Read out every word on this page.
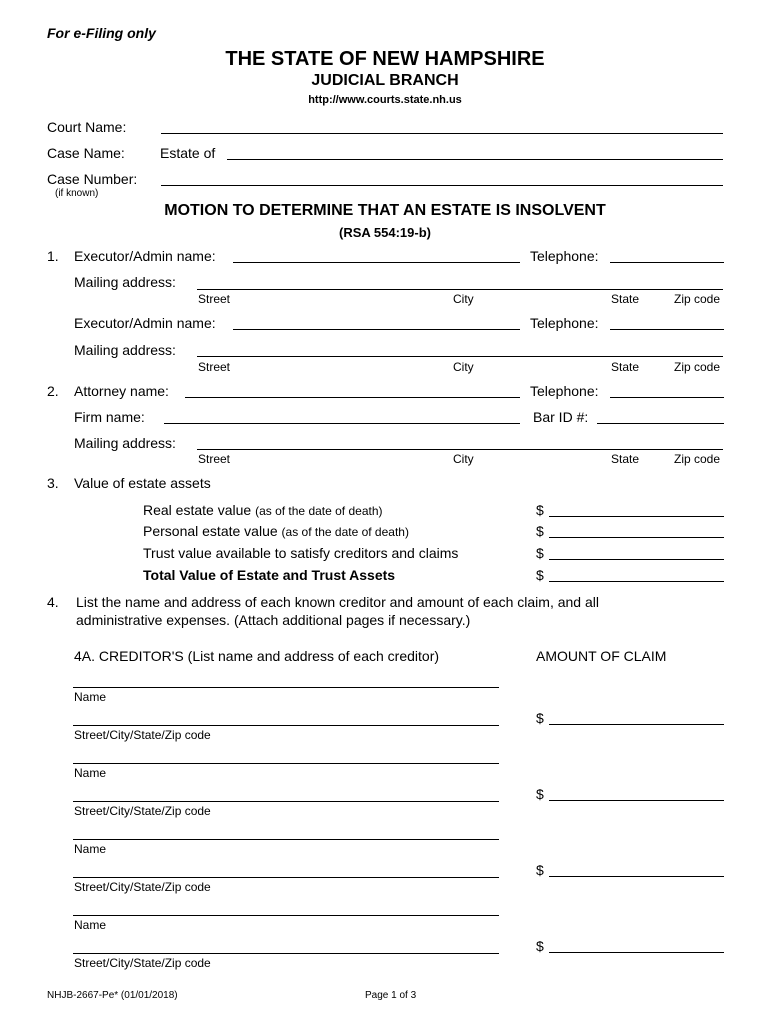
For e-Filing only
THE STATE OF NEW HAMPSHIRE
JUDICIAL BRANCH
http://www.courts.state.nh.us
Court Name:
Case Name:	Estate of
Case Number:
(if known)
MOTION TO DETERMINE THAT AN ESTATE IS INSOLVENT
(RSA 554:19-b)
1. Executor/Admin name:	Telephone:
Mailing address:
Street	City	State	Zip code
Executor/Admin name:	Telephone:
Mailing address:
Street	City	State	Zip code
2. Attorney name:	Telephone:
Firm name:	Bar ID #:
Mailing address:
Street	City	State	Zip code
3. Value of estate assets
Real estate value (as of the date of death)	$
Personal estate value (as of the date of death)	$
Trust value available to satisfy creditors and claims	$
Total Value of Estate and Trust Assets	$
4. List the name and address of each known creditor and amount of each claim, and all
administrative expenses. (Attach additional pages if necessary.)
4A. CREDITOR'S (List name and address of each creditor)	AMOUNT OF CLAIM
Name
Street/City/State/Zip code
$
Name
Street/City/State/Zip code
$
Name
Street/City/State/Zip code
$
Name
Street/City/State/Zip code
$
NHJB-2667-Pe* (01/01/2018)	Page 1 of 3
